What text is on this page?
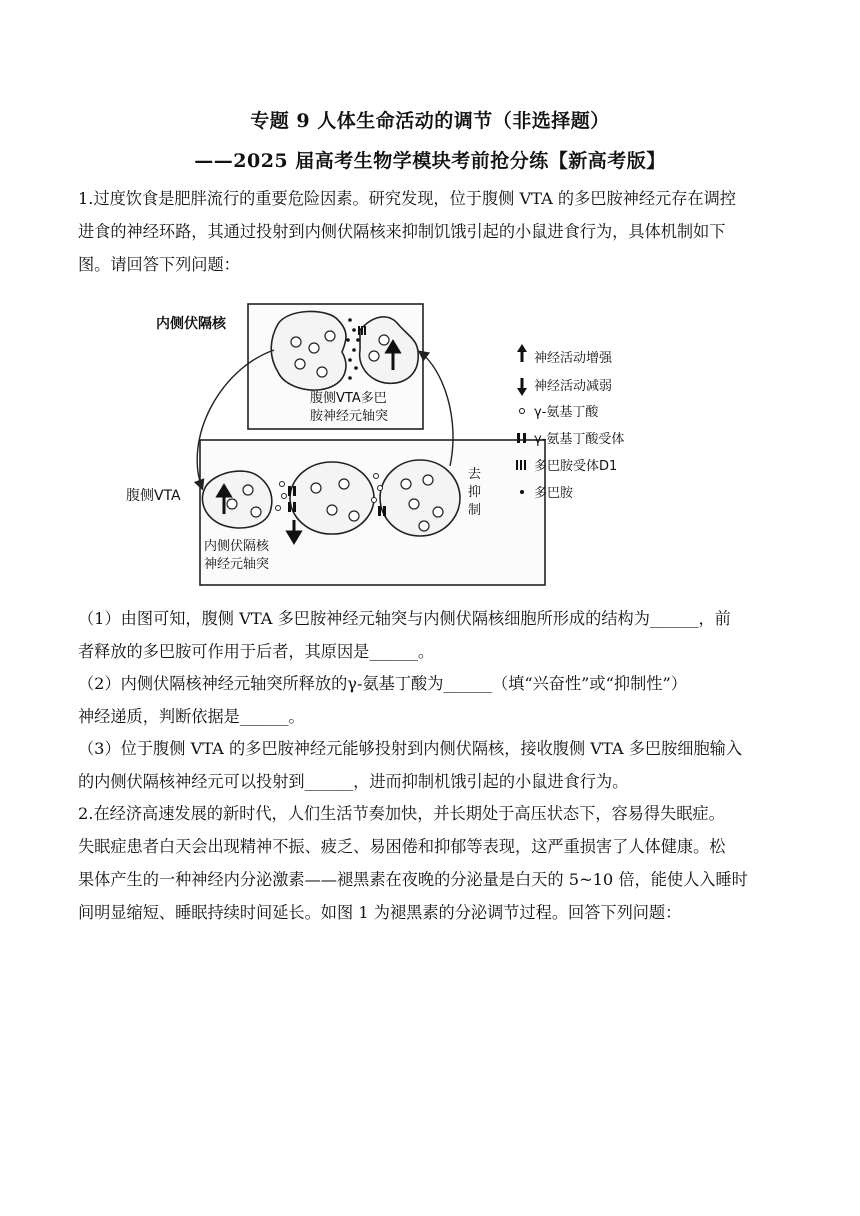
专题 9 人体生命活动的调节（非选择题）
——2025 届高考生物学模块考前抢分练【新高考版】
1.过度饮食是肥胖流行的重要危险因素。研究发现，位于腹侧 VTA 的多巴胺神经元存在调控
进食的神经环路，其通过投射到内侧伏隔核来抑制饥饿引起的小鼠进食行为，具体机制如下
图。请回答下列问题：
内侧伏隔核
腹侧VTA多巴
胺神经元轴突
腹侧VTA
内侧伏隔核
神经元轴突
去
抑
制
神经活动增强
神经活动减弱
γ-氨基丁酸
γ-氨基丁酸受体
多巴胺受体D1
多巴胺
（1）由图可知，腹侧 VTA 多巴胺神经元轴突与内侧伏隔核细胞所形成的结构为______，前
者释放的多巴胺可作用于后者，其原因是______。
（2）内侧伏隔核神经元轴突所释放的γ-氨基丁酸为______（填“兴奋性”或“抑制性”）
神经递质，判断依据是______。
（3）位于腹侧 VTA 的多巴胺神经元能够投射到内侧伏隔核，接收腹侧 VTA 多巴胺细胞输入
的内侧伏隔核神经元可以投射到______，进而抑制机饿引起的小鼠进食行为。
2.在经济高速发展的新时代，人们生活节奏加快，并长期处于高压状态下，容易得失眠症。
失眠症患者白天会出现精神不振、疲乏、易困倦和抑郁等表现，这严重损害了人体健康。松
果体产生的一种神经内分泌激素——褪黑素在夜晚的分泌量是白天的 5~10 倍，能使人入睡时
间明显缩短、睡眠持续时间延长。如图 1 为褪黑素的分泌调节过程。回答下列问题：
